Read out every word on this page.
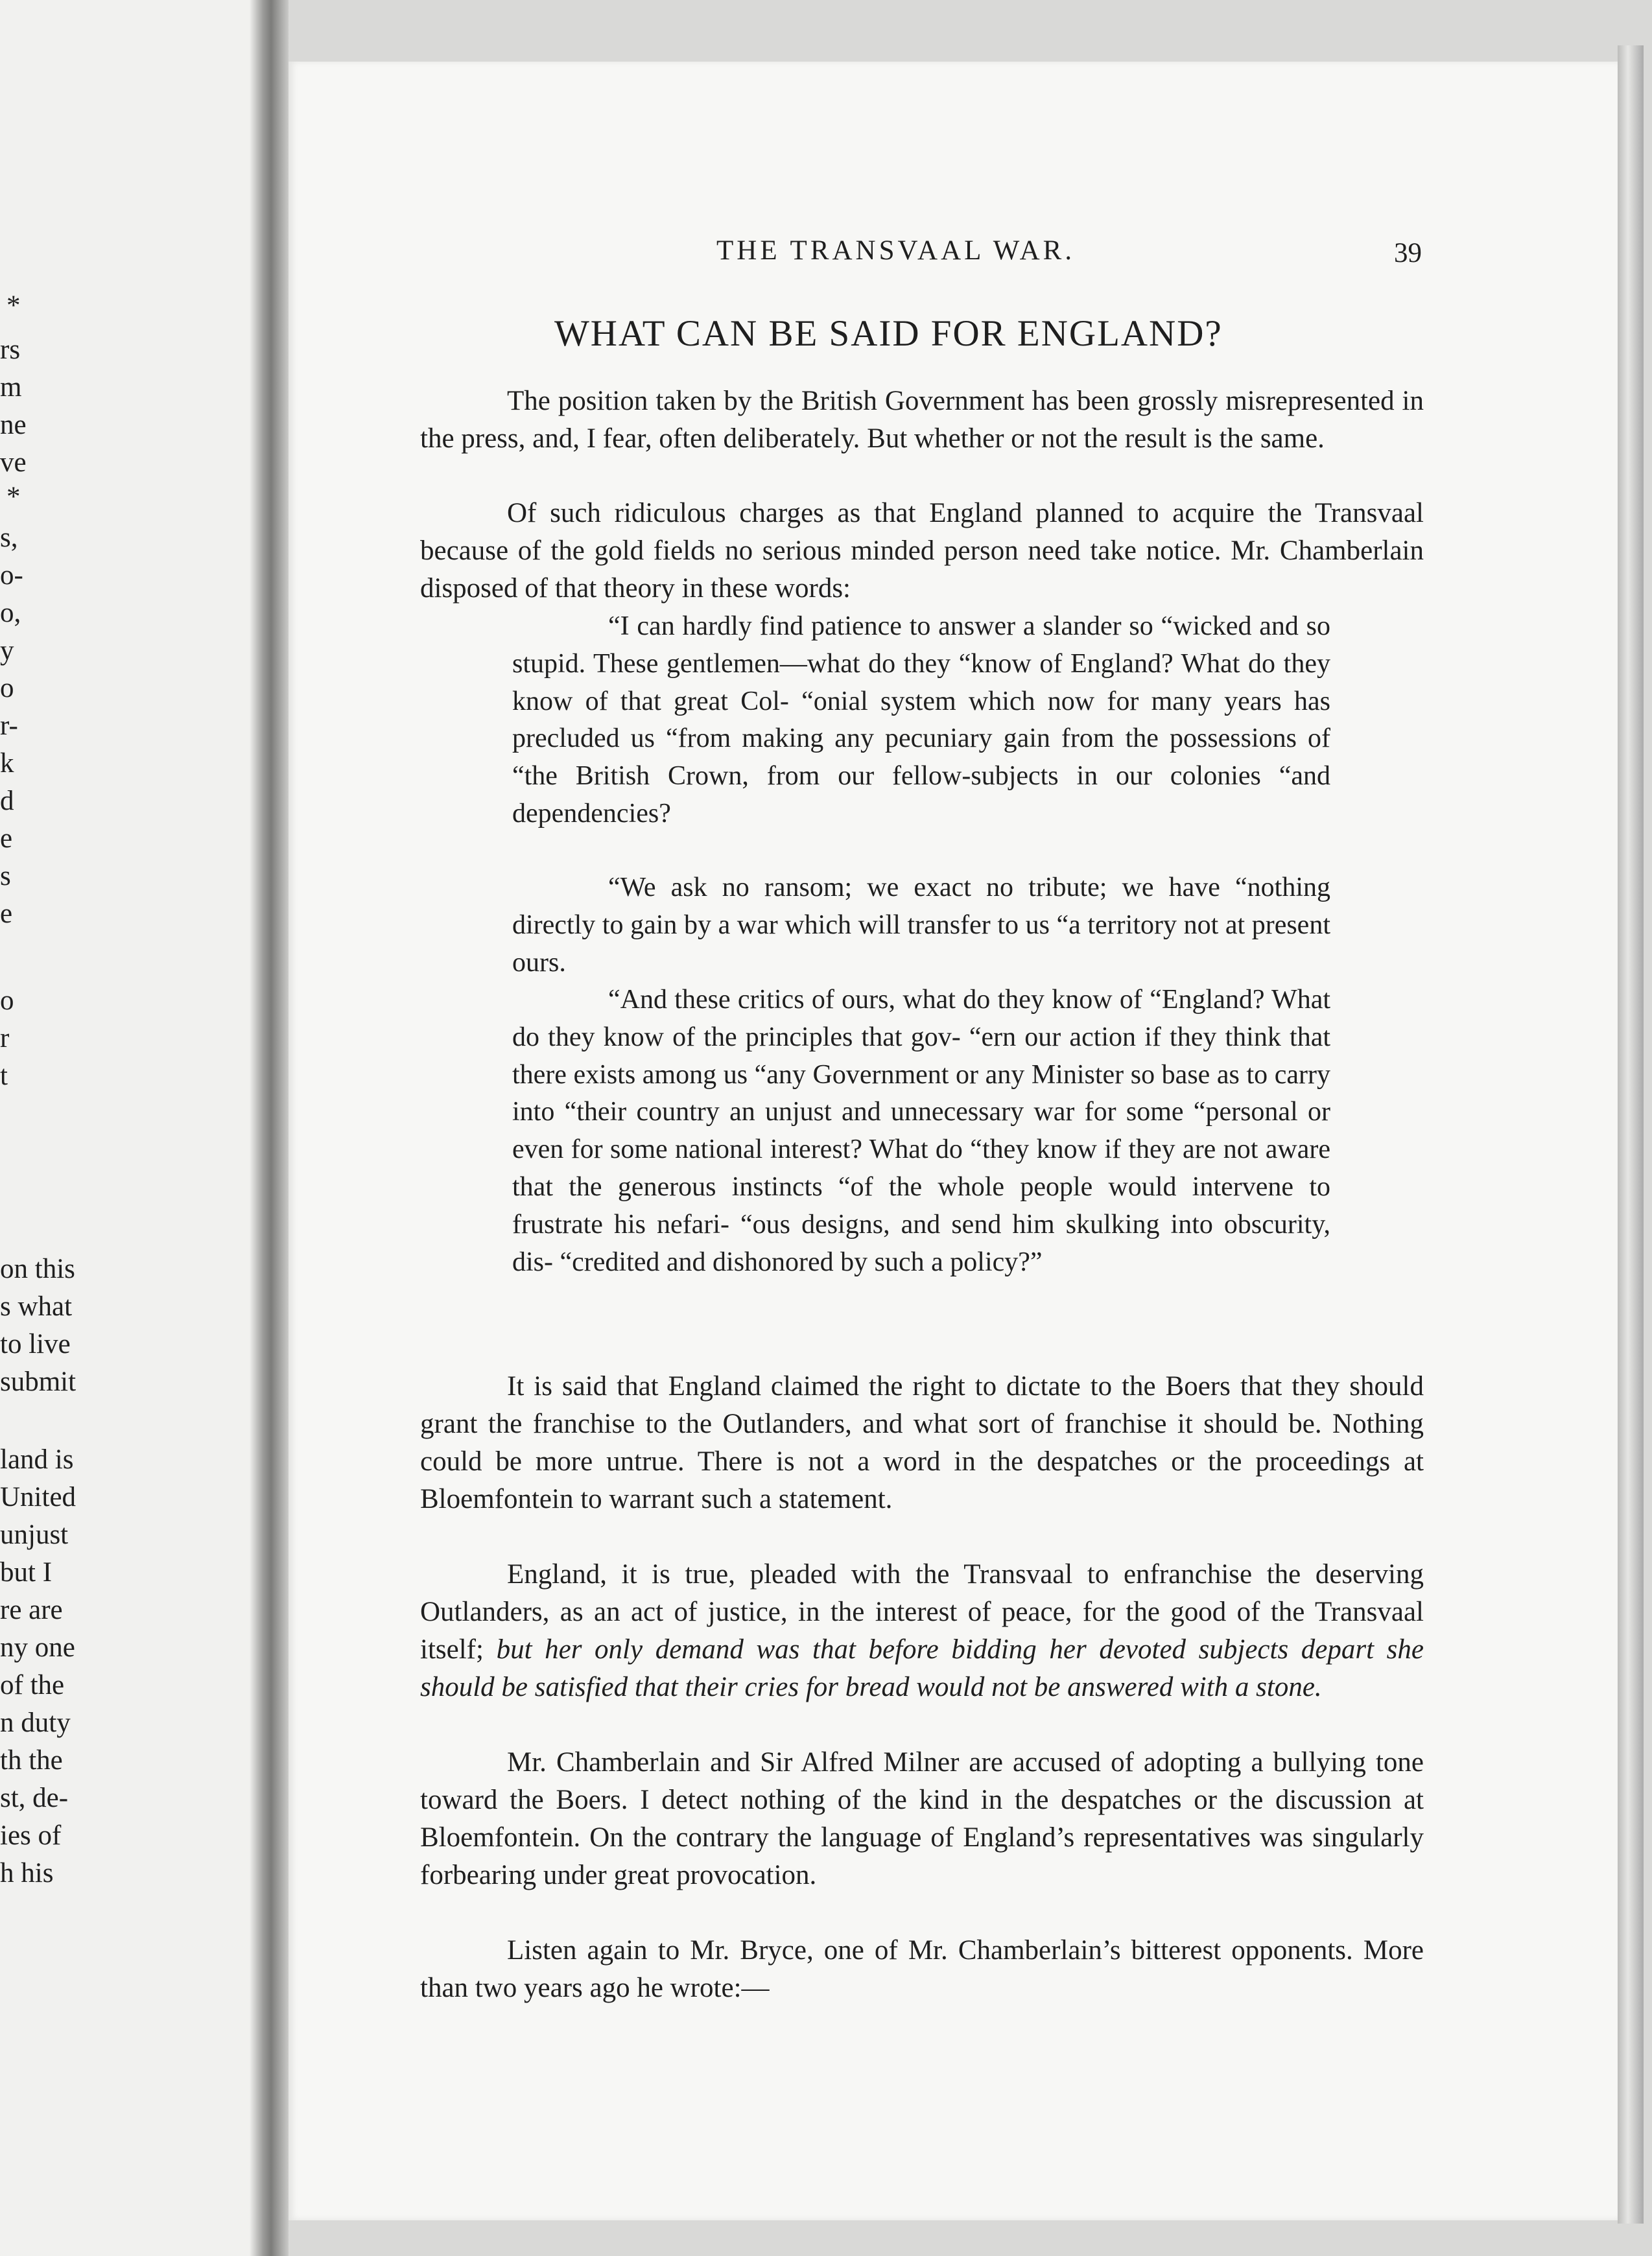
*
rs
m
ne
ve
*
s,
o-
o,
y
o
r-
k
d
e
s
e
o
r
t
on this
s what
to live
submit
land is
United
unjust
but I
re are
ny one
of the
n duty
th the
st, de-
ies of
h his
THE TRANSVAAL WAR.	39
WHAT CAN BE SAID FOR ENGLAND?

The position taken by the British Government has been grossly misrepresented in the press, and, I fear, often deliberately. But whether or not the result is the same.

Of such ridiculous charges as that England planned to acquire the Transvaal because of the gold fields no serious minded person need take notice. Mr. Chamberlain disposed of that theory in these words:

“I can hardly find patience to answer a slander so “wicked and so stupid. These gentlemen—what do they “know of England? What do they know of that great Col- “onial system which now for many years has precluded us “from making any pecuniary gain from the possessions of “the British Crown, from our fellow-subjects in our colonies “and dependencies?

“We ask no ransom; we exact no tribute; we have “nothing directly to gain by a war which will transfer to us “a territory not at present ours.

“And these critics of ours, what do they know of “England? What do they know of the principles that gov- “ern our action if they think that there exists among us “any Government or any Minister so base as to carry into “their country an unjust and unnecessary war for some “personal or even for some national interest? What do “they know if they are not aware that the generous instincts “of the whole people would intervene to frustrate his nefari- “ous designs, and send him skulking into obscurity, dis- “credited and dishonored by such a policy?”

It is said that England claimed the right to dictate to the Boers that they should grant the franchise to the Outlanders, and what sort of franchise it should be. Nothing could be more untrue. There is not a word in the despatches or the proceedings at Bloemfontein to warrant such a statement.

England, it is true, pleaded with the Transvaal to enfranchise the deserving Outlanders, as an act of justice, in the interest of peace, for the good of the Transvaal itself; but her only demand was that before bidding her devoted subjects depart she should be satisfied that their cries for bread would not be answered with a stone.

Mr. Chamberlain and Sir Alfred Milner are accused of adopting a bullying tone toward the Boers. I detect nothing of the kind in the despatches or the discussion at Bloemfontein. On the contrary the language of England’s representatives was singularly forbearing under great provocation.

Listen again to Mr. Bryce, one of Mr. Chamberlain’s bitterest opponents. More than two years ago he wrote:—
